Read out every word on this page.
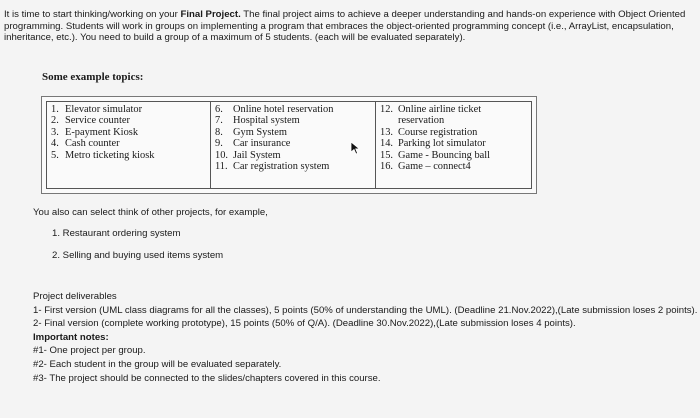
It is time to start thinking/working on your Final Project. The final project aims to achieve a deeper understanding and hands-on experience with Object Oriented programming. Students will work in groups on implementing a program that embraces the object-oriented programming concept (i.e., ArrayList, encapsulation, inheritance, etc.). You need to build a group of a maximum of 5 students. (each will be evaluated separately).
Some example topics:
1. Elevator simulator
2. Service counter
3. E-payment Kiosk
4. Cash counter
5. Metro ticketing kiosk
6. Online hotel reservation
7. Hospital system
8. Gym System
9. Car insurance
10. Jail System
11. Car registration system
12. Online airline ticket reservation
13. Course registration
14. Parking lot simulator
15. Game - Bouncing ball
16. Game – connect4
You also can select think of other projects, for example,
1. Restaurant ordering system
2. Selling and buying used items system
Project deliverables
1- First version (UML class diagrams for all the classes), 5 points (50% of understanding the UML). (Deadline 21.Nov.2022),(Late submission loses 2 points).
2- Final version (complete working prototype), 15 points (50% of Q/A). (Deadline 30.Nov.2022),(Late submission loses 4 points).
Important notes:
#1- One project per group.
#2- Each student in the group will be evaluated separately.
#3- The project should be connected to the slides/chapters covered in this course.
